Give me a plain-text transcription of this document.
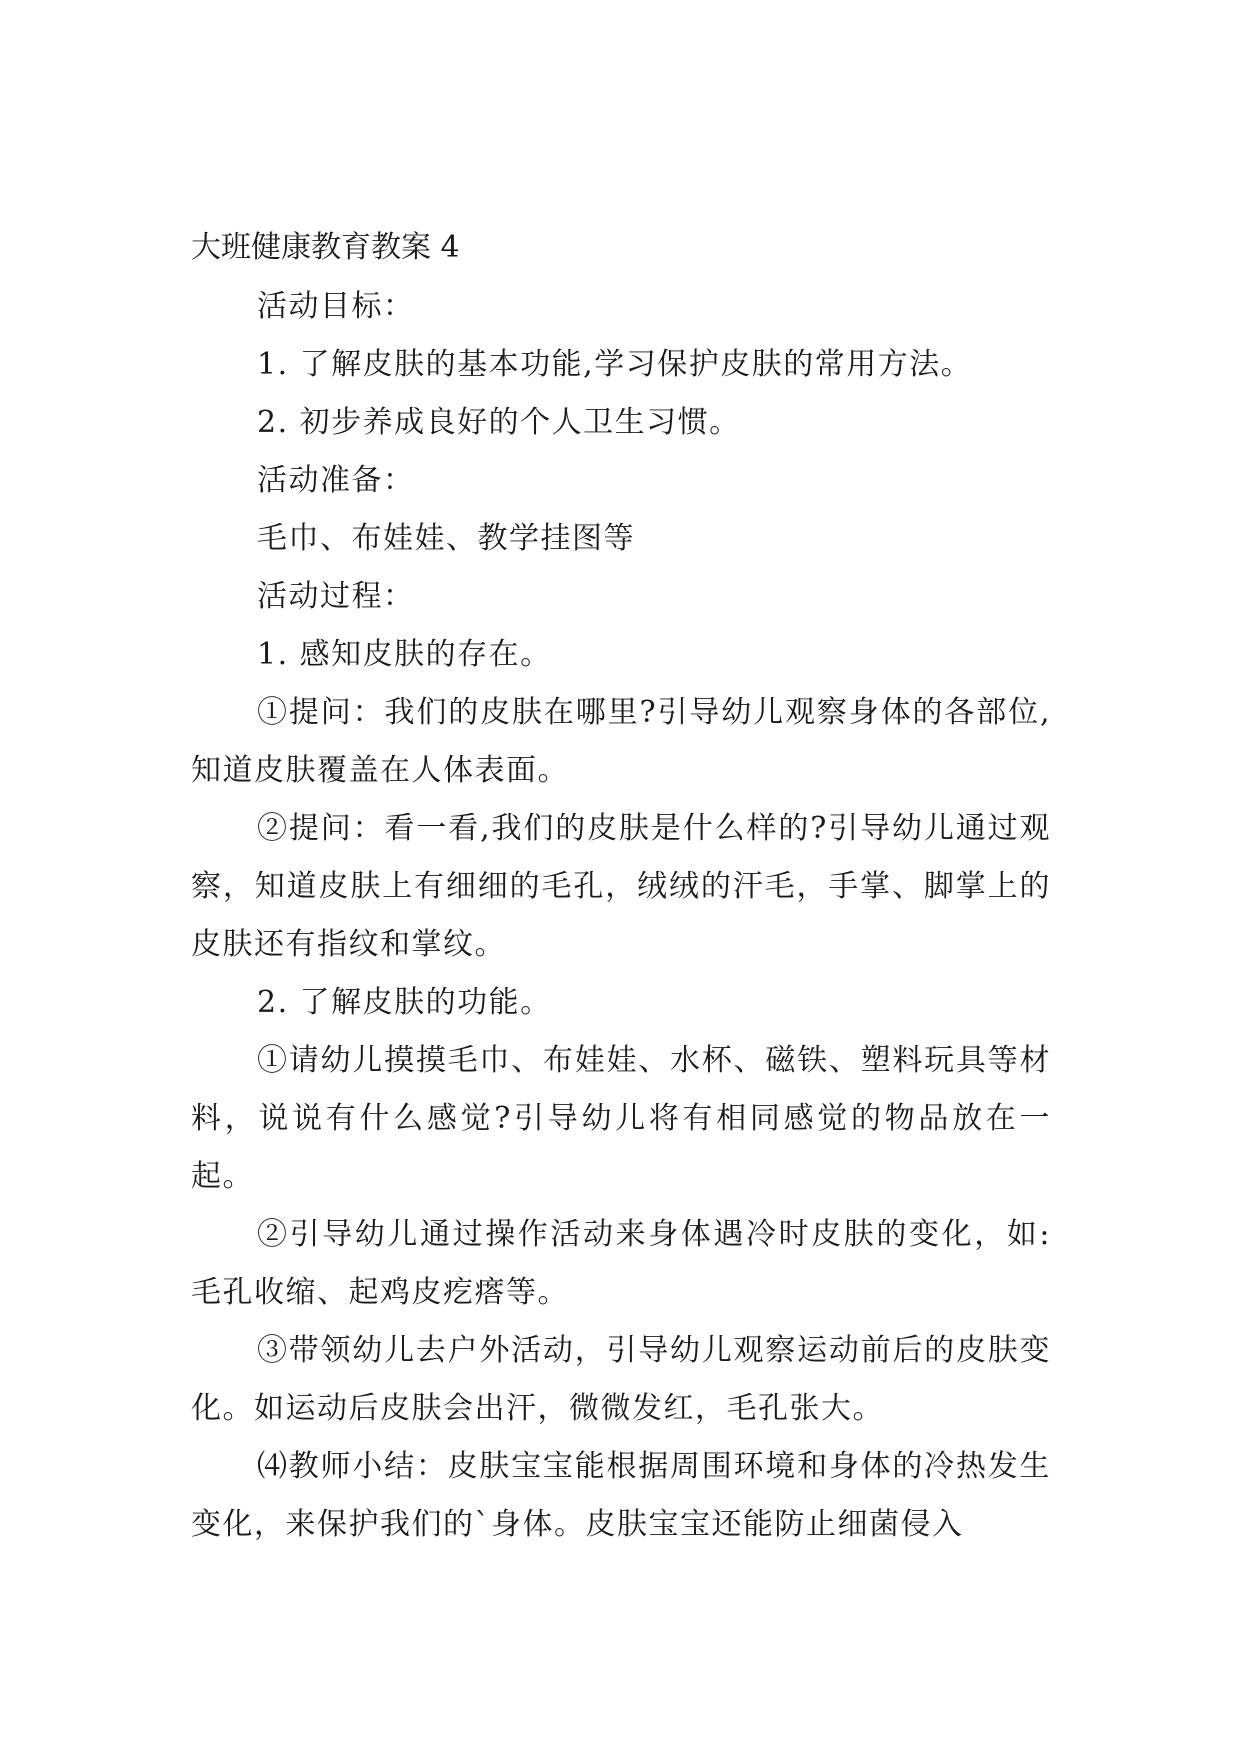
大班健康教育教案 4

活动目标：

1. 了解皮肤的基本功能,学习保护皮肤的常用方法。

2. 初步养成良好的个人卫生习惯。

活动准备：

毛巾、布娃娃、教学挂图等

活动过程：

1. 感知皮肤的存在。

①提问：我们的皮肤在哪里?引导幼儿观察身体的各部位,知道皮肤覆盖在人体表面。

②提问：看一看,我们的皮肤是什么样的?引导幼儿通过观察，知道皮肤上有细细的毛孔，绒绒的汗毛，手掌、脚掌上的皮肤还有指纹和掌纹。

2. 了解皮肤的功能。

①请幼儿摸摸毛巾、布娃娃、水杯、磁铁、塑料玩具等材料，说说有什么感觉?引导幼儿将有相同感觉的物品放在一起。

②引导幼儿通过操作活动来身体遇冷时皮肤的变化，如:毛孔收缩、起鸡皮疙瘩等。

③带领幼儿去户外活动，引导幼儿观察运动前后的皮肤变化。如运动后皮肤会出汗，微微发红，毛孔张大。

⑷教师小结：皮肤宝宝能根据周围环境和身体的冷热发生变化，来保护我们的`身体。皮肤宝宝还能防止细菌侵入
